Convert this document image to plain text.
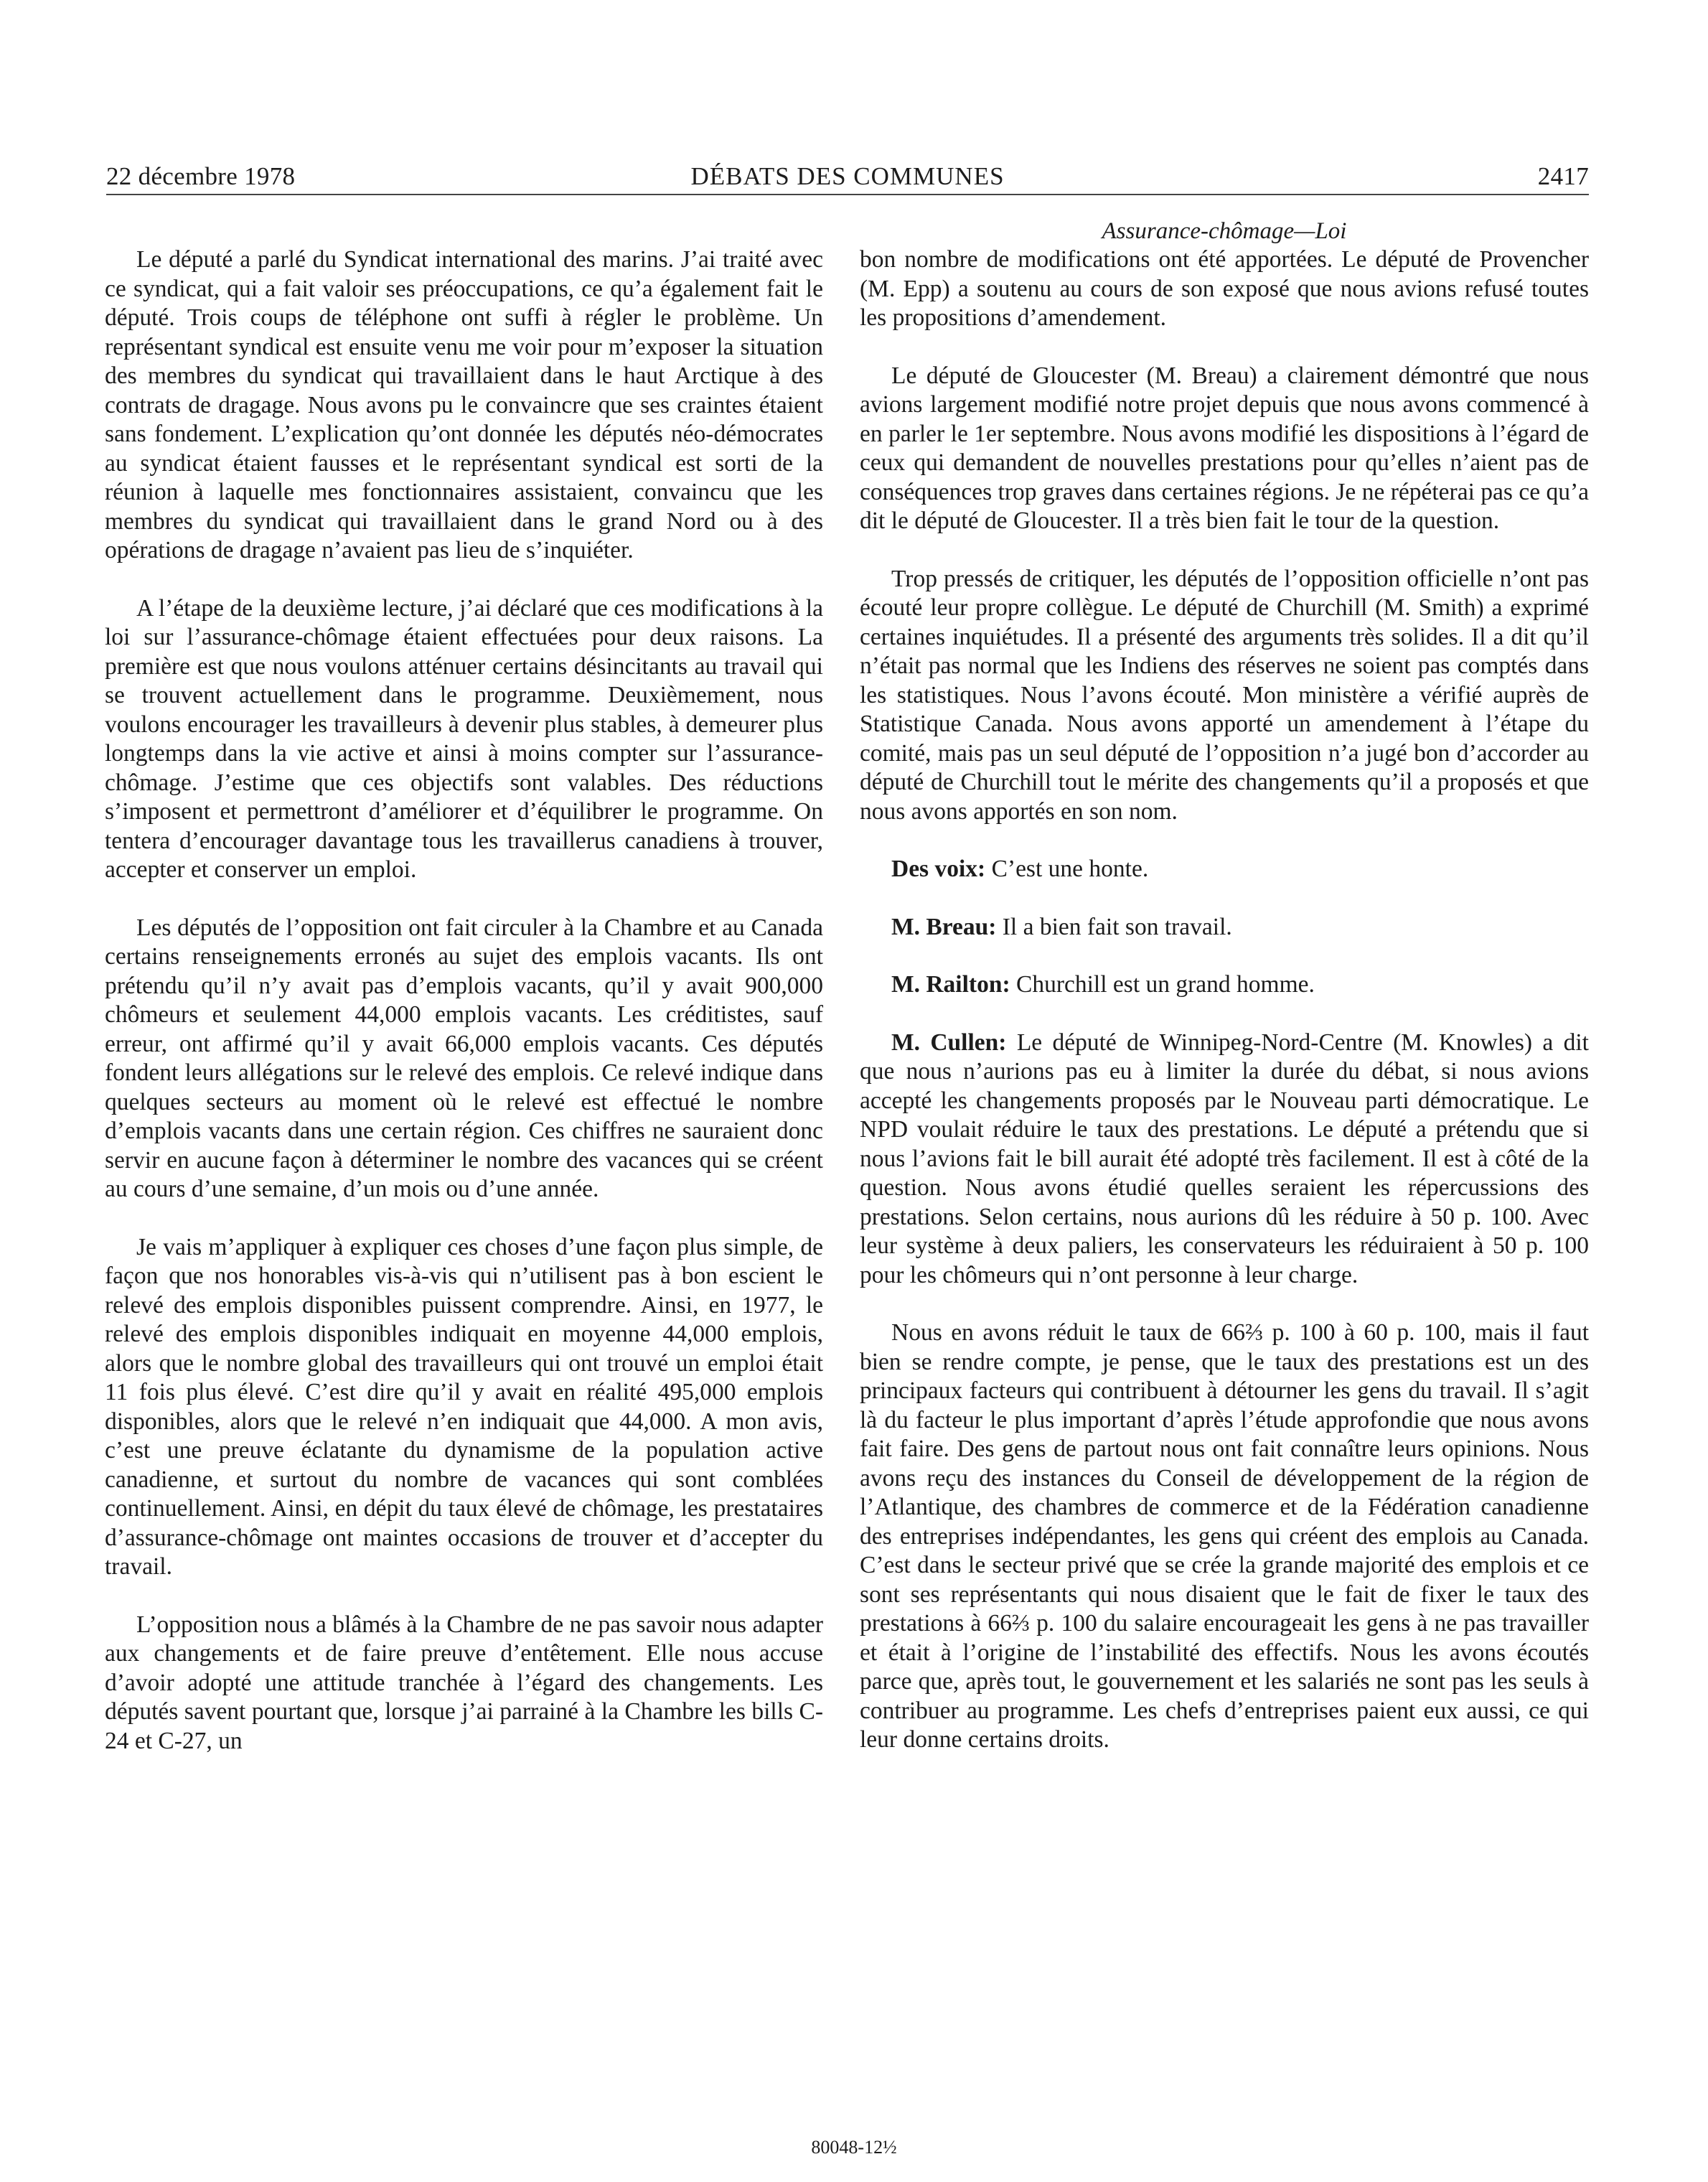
22 décembre 1978	DÉBATS DES COMMUNES	2417
Assurance-chômage—Loi

Le député a parlé du Syndicat international des marins. J’ai traité avec ce syndicat, qui a fait valoir ses préoccupations, ce qu’a également fait le député. Trois coups de téléphone ont suffi à régler le problème. Un représentant syndical est ensuite venu me voir pour m’exposer la situation des membres du syndicat qui travaillaient dans le haut Arctique à des contrats de dragage. Nous avons pu le convaincre que ses craintes étaient sans fondement. L’explication qu’ont donnée les députés néo-démocrates au syndicat étaient fausses et le représentant syndical est sorti de la réunion à laquelle mes fonctionnaires assistaient, convaincu que les membres du syndicat qui travaillaient dans le grand Nord ou à des opérations de dragage n’avaient pas lieu de s’inquiéter.

A l’étape de la deuxième lecture, j’ai déclaré que ces modifications à la loi sur l’assurance-chômage étaient effectuées pour deux raisons. La première est que nous voulons atténuer certains désincitants au travail qui se trouvent actuellement dans le programme. Deuxièmement, nous voulons encourager les travailleurs à devenir plus stables, à demeurer plus longtemps dans la vie active et ainsi à moins compter sur l’assurance-chômage. J’estime que ces objectifs sont valables. Des réductions s’imposent et permettront d’améliorer et d’équilibrer le programme. On tentera d’encourager davantage tous les travaillerus canadiens à trouver, accepter et conserver un emploi.

Les députés de l’opposition ont fait circuler à la Chambre et au Canada certains renseignements erronés au sujet des emplois vacants. Ils ont prétendu qu’il n’y avait pas d’emplois vacants, qu’il y avait 900,000 chômeurs et seulement 44,000 emplois vacants. Les créditistes, sauf erreur, ont affirmé qu’il y avait 66,000 emplois vacants. Ces députés fondent leurs allégations sur le relevé des emplois. Ce relevé indique dans quelques secteurs au moment où le relevé est effectué le nombre d’emplois vacants dans une certain région. Ces chiffres ne sauraient donc servir en aucune façon à déterminer le nombre des vacances qui se créent au cours d’une semaine, d’un mois ou d’une année.

Je vais m’appliquer à expliquer ces choses d’une façon plus simple, de façon que nos honorables vis-à-vis qui n’utilisent pas à bon escient le relevé des emplois disponibles puissent comprendre. Ainsi, en 1977, le relevé des emplois disponibles indiquait en moyenne 44,000 emplois, alors que le nombre global des travailleurs qui ont trouvé un emploi était 11 fois plus élevé. C’est dire qu’il y avait en réalité 495,000 emplois disponibles, alors que le relevé n’en indiquait que 44,000. A mon avis, c’est une preuve éclatante du dynamisme de la population active canadienne, et surtout du nombre de vacances qui sont comblées continuellement. Ainsi, en dépit du taux élevé de chômage, les prestataires d’assurance-chômage ont maintes occasions de trouver et d’accepter du travail.

L’opposition nous a blâmés à la Chambre de ne pas savoir nous adapter aux changements et de faire preuve d’entêtement. Elle nous accuse d’avoir adopté une attitude tranchée à l’égard des changements. Les députés savent pourtant que, lorsque j’ai parrainé à la Chambre les bills C-24 et C-27, un

bon nombre de modifications ont été apportées. Le député de Provencher (M. Epp) a soutenu au cours de son exposé que nous avions refusé toutes les propositions d’amendement.

Le député de Gloucester (M. Breau) a clairement démontré que nous avions largement modifié notre projet depuis que nous avons commencé à en parler le 1er septembre. Nous avons modifié les dispositions à l’égard de ceux qui demandent de nouvelles prestations pour qu’elles n’aient pas de conséquences trop graves dans certaines régions. Je ne répéterai pas ce qu’a dit le député de Gloucester. Il a très bien fait le tour de la question.

Trop pressés de critiquer, les députés de l’opposition officielle n’ont pas écouté leur propre collègue. Le député de Churchill (M. Smith) a exprimé certaines inquiétudes. Il a présenté des arguments très solides. Il a dit qu’il n’était pas normal que les Indiens des réserves ne soient pas comptés dans les statistiques. Nous l’avons écouté. Mon ministère a vérifié auprès de Statistique Canada. Nous avons apporté un amendement à l’étape du comité, mais pas un seul député de l’opposition n’a jugé bon d’accorder au député de Churchill tout le mérite des changements qu’il a proposés et que nous avons apportés en son nom.

Des voix: C’est une honte.

M. Breau: Il a bien fait son travail.

M. Railton: Churchill est un grand homme.

M. Cullen: Le député de Winnipeg-Nord-Centre (M. Knowles) a dit que nous n’aurions pas eu à limiter la durée du débat, si nous avions accepté les changements proposés par le Nouveau parti démocratique. Le NPD voulait réduire le taux des prestations. Le député a prétendu que si nous l’avions fait le bill aurait été adopté très facilement. Il est à côté de la question. Nous avons étudié quelles seraient les répercussions des prestations. Selon certains, nous aurions dû les réduire à 50 p. 100. Avec leur système à deux paliers, les conservateurs les réduiraient à 50 p. 100 pour les chômeurs qui n’ont personne à leur charge.

Nous en avons réduit le taux de 66⅔ p. 100 à 60 p. 100, mais il faut bien se rendre compte, je pense, que le taux des prestations est un des principaux facteurs qui contribuent à détourner les gens du travail. Il s’agit là du facteur le plus important d’après l’étude approfondie que nous avons fait faire. Des gens de partout nous ont fait connaître leurs opinions. Nous avons reçu des instances du Conseil de développement de la région de l’Atlantique, des chambres de commerce et de la Fédération canadienne des entreprises indépendantes, les gens qui créent des emplois au Canada. C’est dans le secteur privé que se crée la grande majorité des emplois et ce sont ses représentants qui nous disaient que le fait de fixer le taux des prestations à 66⅔ p. 100 du salaire encourageait les gens à ne pas travailler et était à l’origine de l’instabilité des effectifs. Nous les avons écoutés parce que, après tout, le gouvernement et les salariés ne sont pas les seuls à contribuer au programme. Les chefs d’entreprises paient eux aussi, ce qui leur donne certains droits.

80048-12½
